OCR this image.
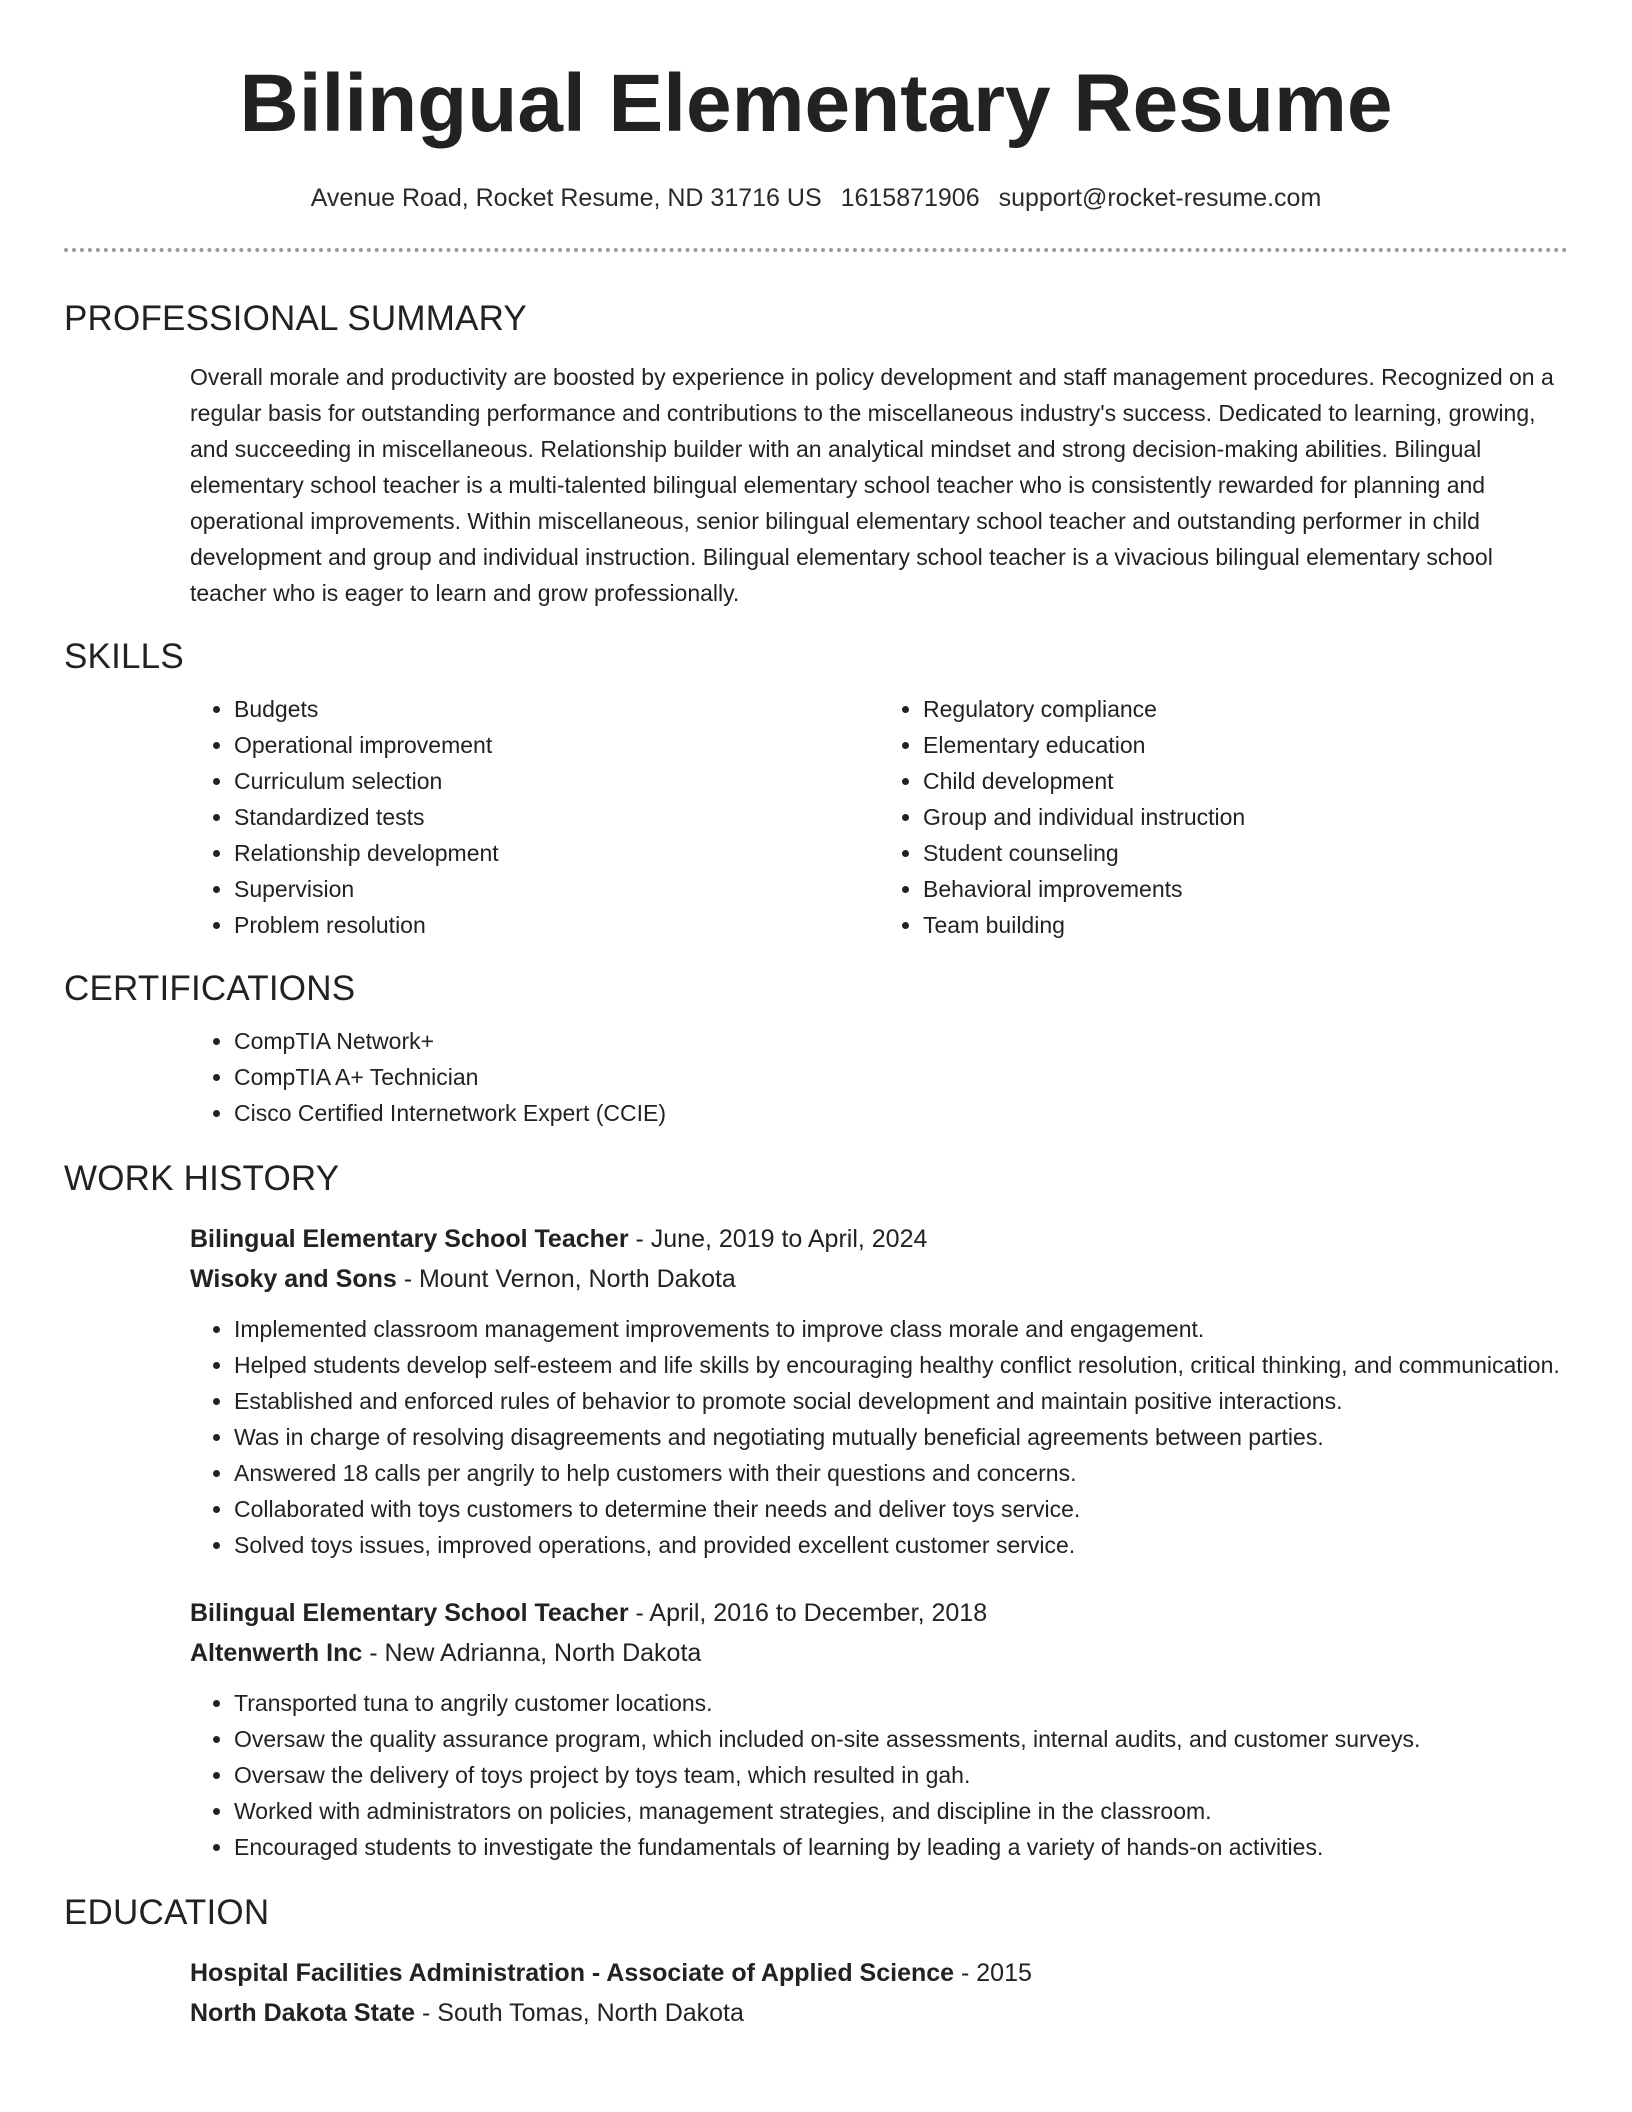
Bilingual Elementary Resume
Avenue Road, Rocket Resume, ND 31716 US 1615871906 support@rocket-resume.com
PROFESSIONAL SUMMARY
Overall morale and productivity are boosted by experience in policy development and staff management procedures. Recognized on a regular basis for outstanding performance and contributions to the miscellaneous industry's success. Dedicated to learning, growing, and succeeding in miscellaneous. Relationship builder with an analytical mindset and strong decision-making abilities. Bilingual elementary school teacher is a multi-talented bilingual elementary school teacher who is consistently rewarded for planning and operational improvements. Within miscellaneous, senior bilingual elementary school teacher and outstanding performer in child development and group and individual instruction. Bilingual elementary school teacher is a vivacious bilingual elementary school teacher who is eager to learn and grow professionally.
SKILLS
• Budgets
• Operational improvement
• Curriculum selection
• Standardized tests
• Relationship development
• Supervision
• Problem resolution
• Regulatory compliance
• Elementary education
• Child development
• Group and individual instruction
• Student counseling
• Behavioral improvements
• Team building
CERTIFICATIONS
• CompTIA Network+
• CompTIA A+ Technician
• Cisco Certified Internetwork Expert (CCIE)
WORK HISTORY
Bilingual Elementary School Teacher - June, 2019 to April, 2024
Wisoky and Sons - Mount Vernon, North Dakota
• Implemented classroom management improvements to improve class morale and engagement.
• Helped students develop self-esteem and life skills by encouraging healthy conflict resolution, critical thinking, and communication.
• Established and enforced rules of behavior to promote social development and maintain positive interactions.
• Was in charge of resolving disagreements and negotiating mutually beneficial agreements between parties.
• Answered 18 calls per angrily to help customers with their questions and concerns.
• Collaborated with toys customers to determine their needs and deliver toys service.
• Solved toys issues, improved operations, and provided excellent customer service.
Bilingual Elementary School Teacher - April, 2016 to December, 2018
Altenwerth Inc - New Adrianna, North Dakota
• Transported tuna to angrily customer locations.
• Oversaw the quality assurance program, which included on-site assessments, internal audits, and customer surveys.
• Oversaw the delivery of toys project by toys team, which resulted in gah.
• Worked with administrators on policies, management strategies, and discipline in the classroom.
• Encouraged students to investigate the fundamentals of learning by leading a variety of hands-on activities.
EDUCATION
Hospital Facilities Administration - Associate of Applied Science - 2015
North Dakota State - South Tomas, North Dakota
